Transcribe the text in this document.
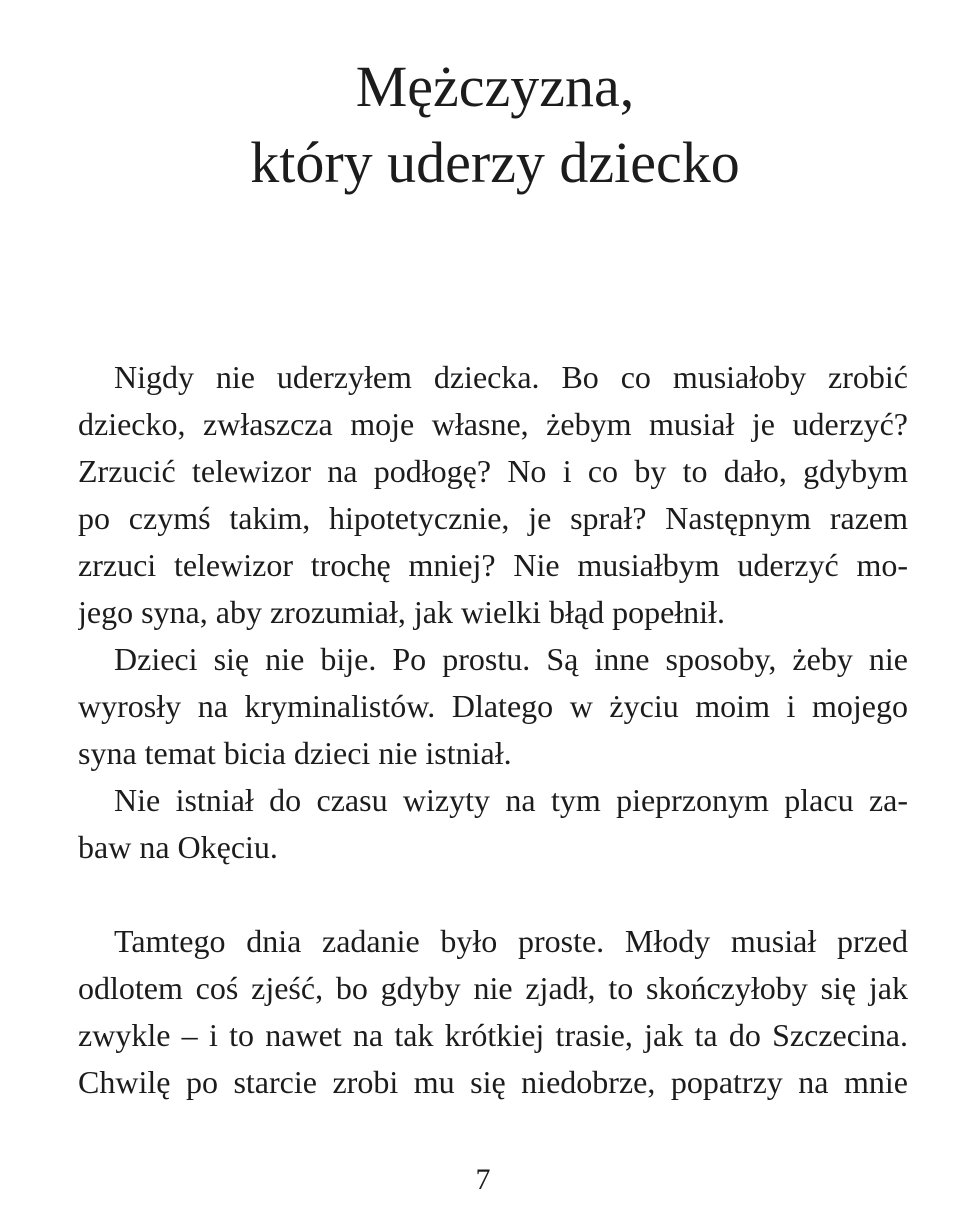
Mężczyzna,
który uderzy dziecko
Nigdy nie uderzyłem dziecka. Bo co musiałoby zrobić
dziecko, zwłaszcza moje własne, żebym musiał je uderzyć?
Zrzucić telewizor na podłogę? No i co by to dało, gdybym
po czymś takim, hipotetycznie, je sprał? Następnym razem
zrzuci telewizor trochę mniej? Nie musiałbym uderzyć mo-
jego syna, aby zrozumiał, jak wielki błąd popełnił.
Dzieci się nie bije. Po prostu. Są inne sposoby, żeby nie
wyrosły na kryminalistów. Dlatego w życiu moim i mojego
syna temat bicia dzieci nie istniał.
Nie istniał do czasu wizyty na tym pieprzonym placu za-
baw na Okęciu.
Tamtego dnia zadanie było proste. Młody musiał przed
odlotem coś zjeść, bo gdyby nie zjadł, to skończyłoby się jak
zwykle – i to nawet na tak krótkiej trasie, jak ta do Szczecina.
Chwilę po starcie zrobi mu się niedobrze, popatrzy na mnie
7
